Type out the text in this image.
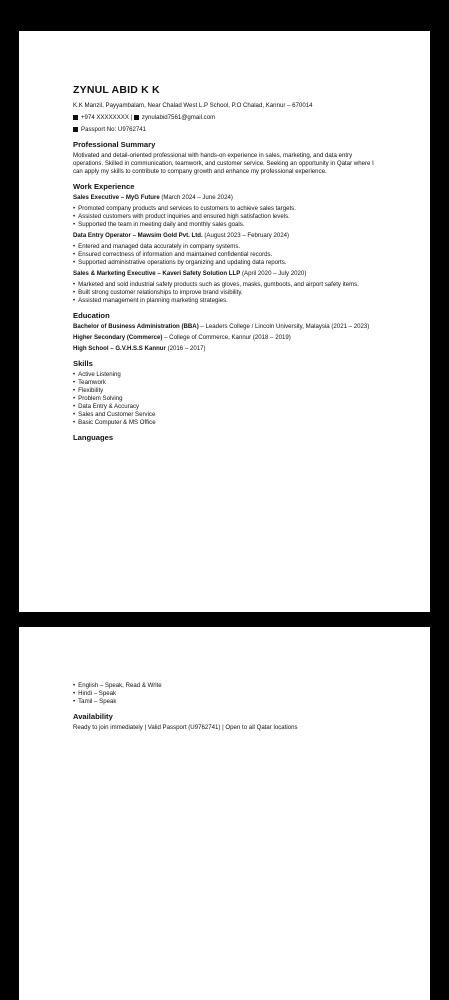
ZYNUL ABID K K
K.K Manzil, Payyambalam, Near Chalad West L.P School, P.O Chalad, Kannur – 670014
+974 XXXXXXXX | zynulabid7561@gmail.com
Passport No: U9762741
Professional Summary

Motivated and detail-oriented professional with hands-on experience in sales, marketing, and data entry operations. Skilled in communication, teamwork, and customer service. Seeking an opportunity in Qatar where I can apply my skills to contribute to company growth and enhance my professional experience.

Work Experience

Sales Executive – MyG Future (March 2024 – June 2024)

• Promoted company products and services to customers to achieve sales targets.
• Assisted customers with product inquiries and ensured high satisfaction levels.
• Supported the team in meeting daily and monthly sales goals.

Data Entry Operator – Mawsim Gold Pvt. Ltd. (August 2023 – February 2024)

• Entered and managed data accurately in company systems.
• Ensured correctness of information and maintained confidential records.
• Supported administrative operations by organizing and updating data reports.

Sales & Marketing Executive – Kaveri Safety Solution LLP (April 2020 – July 2020)

• Marketed and sold industrial safety products such as gloves, masks, gumboots, and airport safety items.
• Built strong customer relationships to improve brand visibility.
• Assisted management in planning marketing strategies.
Education

Bachelor of Business Administration (BBA) – Leaders College / Lincoln University, Malaysia (2021 – 2023)

Higher Secondary (Commerce) – College of Commerce, Kannur (2018 – 2019)

High School – G.V.H.S.S Kannur (2016 – 2017)

Skills
• Active Listening
• Teamwork
• Flexibility
• Problem Solving
• Data Entry & Accuracy
• Sales and Customer Service
• Basic Computer & MS Office
Languages
• English – Speak, Read & Write
• Hindi – Speak
• Tamil – Speak
Availability

Ready to join immediately | Valid Passport (U9762741) | Open to all Qatar locations
